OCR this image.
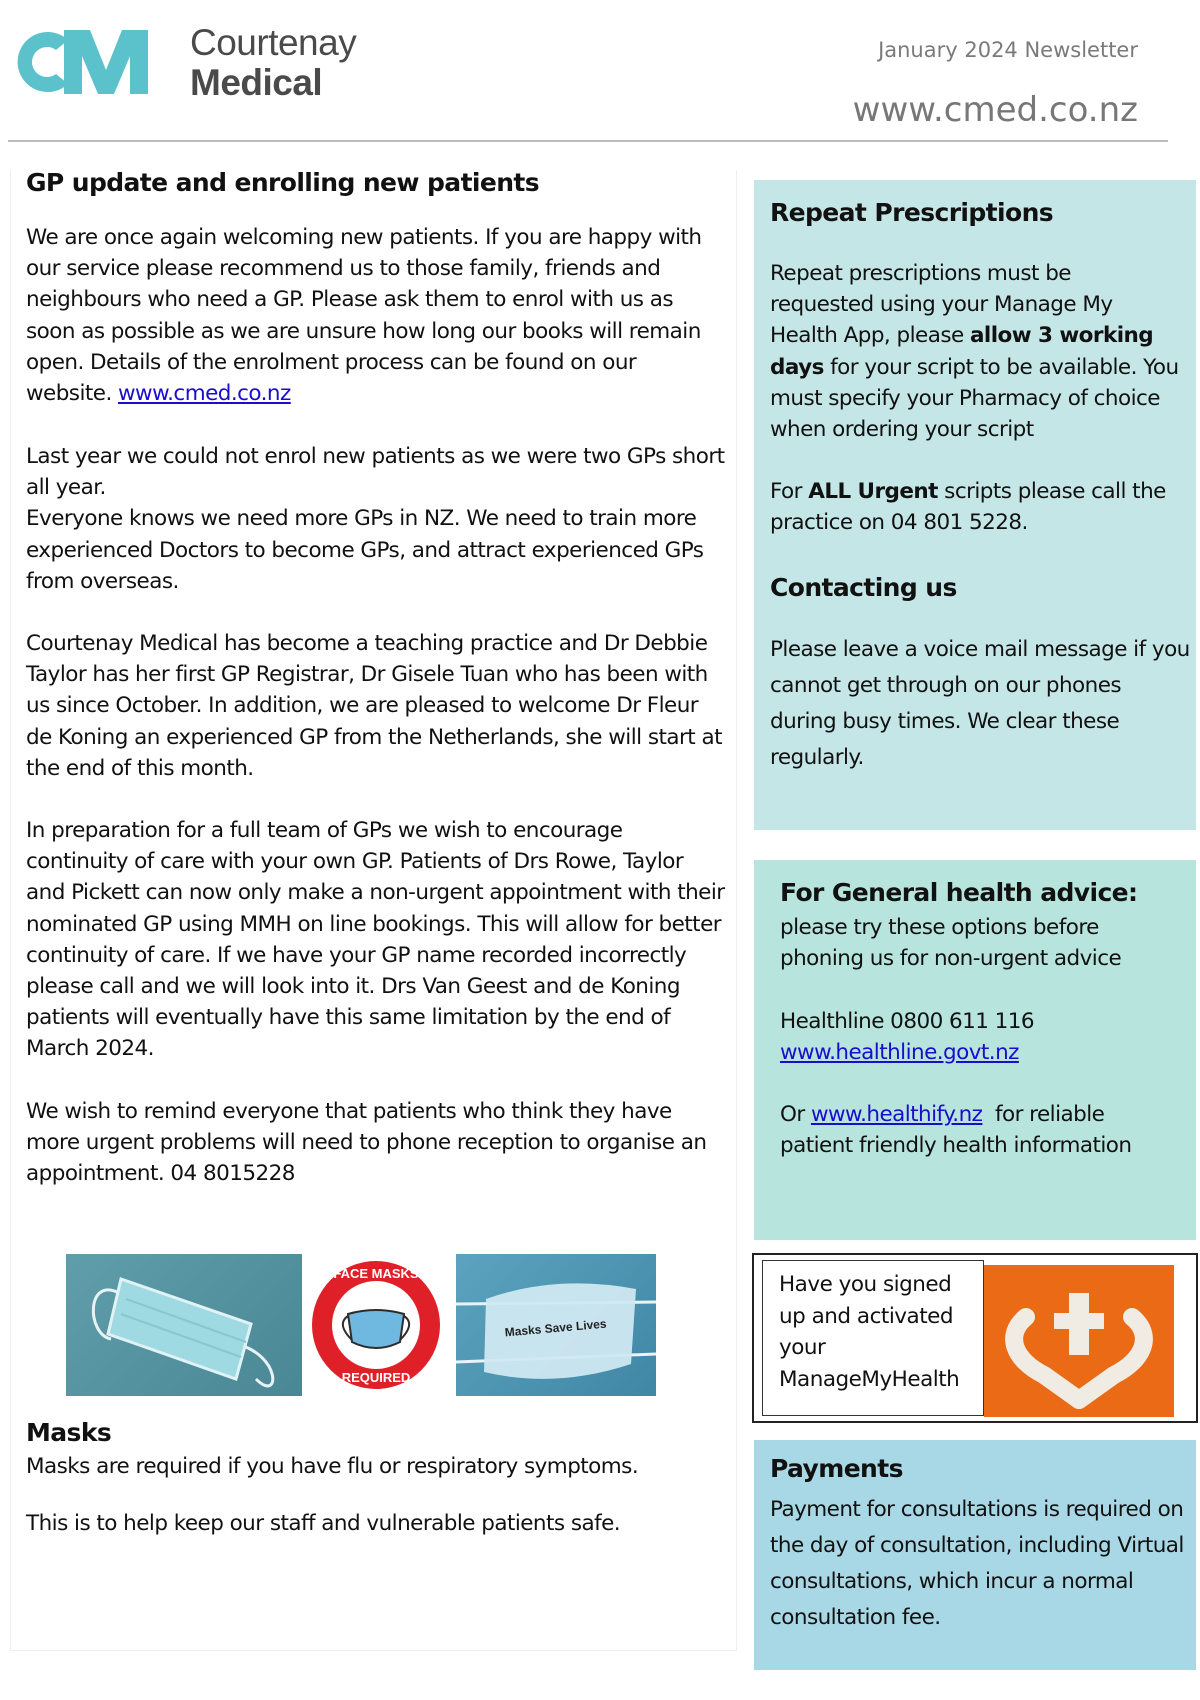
Courtenay
Medical
January 2024 Newsletter
www.cmed.co.nz
GP update and enrolling new patients

We are once again welcoming new patients. If you are happy with our service please recommend us to those family, friends and neighbours who need a GP. Please ask them to enrol with us as soon as possible as we are unsure how long our books will remain open. Details of the enrolment process can be found on our website. www.cmed.co.nz

Last year we could not enrol new patients as we were two GPs short all year.
Everyone knows we need more GPs in NZ. We need to train more experienced Doctors to become GPs, and attract experienced GPs from overseas.

Courtenay Medical has become a teaching practice and Dr Debbie Taylor has her first GP Registrar, Dr Gisele Tuan who has been with us since October. In addition, we are pleased to welcome Dr Fleur de Koning an experienced GP from the Netherlands, she will start at the end of this month.

In preparation for a full team of GPs we wish to encourage continuity of care with your own GP. Patients of Drs Rowe, Taylor and Pickett can now only make a non-urgent appointment with their nominated GP using MMH on line bookings. This will allow for better continuity of care. If we have your GP name recorded incorrectly please call and we will look into it. Drs Van Geest and de Koning patients will eventually have this same limitation by the end of March 2024.

We wish to remind everyone that patients who think they have more urgent problems will need to phone reception to organise an appointment. 04 8015228

FACE MASKS
REQUIRED
Masks Save Lives
Masks

Masks are required if you have flu or respiratory symptoms.

This is to help keep our staff and vulnerable patients safe.

Repeat Prescriptions

Repeat prescriptions must be requested using your Manage My Health App, please allow 3 working days for your script to be available. You must specify your Pharmacy of choice when ordering your script

For ALL Urgent scripts please call the practice on 04 801 5228.

Contacting us

Please leave a voice mail message if you cannot get through on our phones during busy times. We clear these regularly.

For General health advice:

please try these options before phoning us for non-urgent advice

Healthline 0800 611 116

www.healthline.govt.nz

Or www.healthify.nz  for reliable patient friendly health information

Have you signed up and activated your ManageMyHealth
Payments

Payment for consultations is required on the day of consultation, including Virtual consultations, which incur a normal consultation fee.
